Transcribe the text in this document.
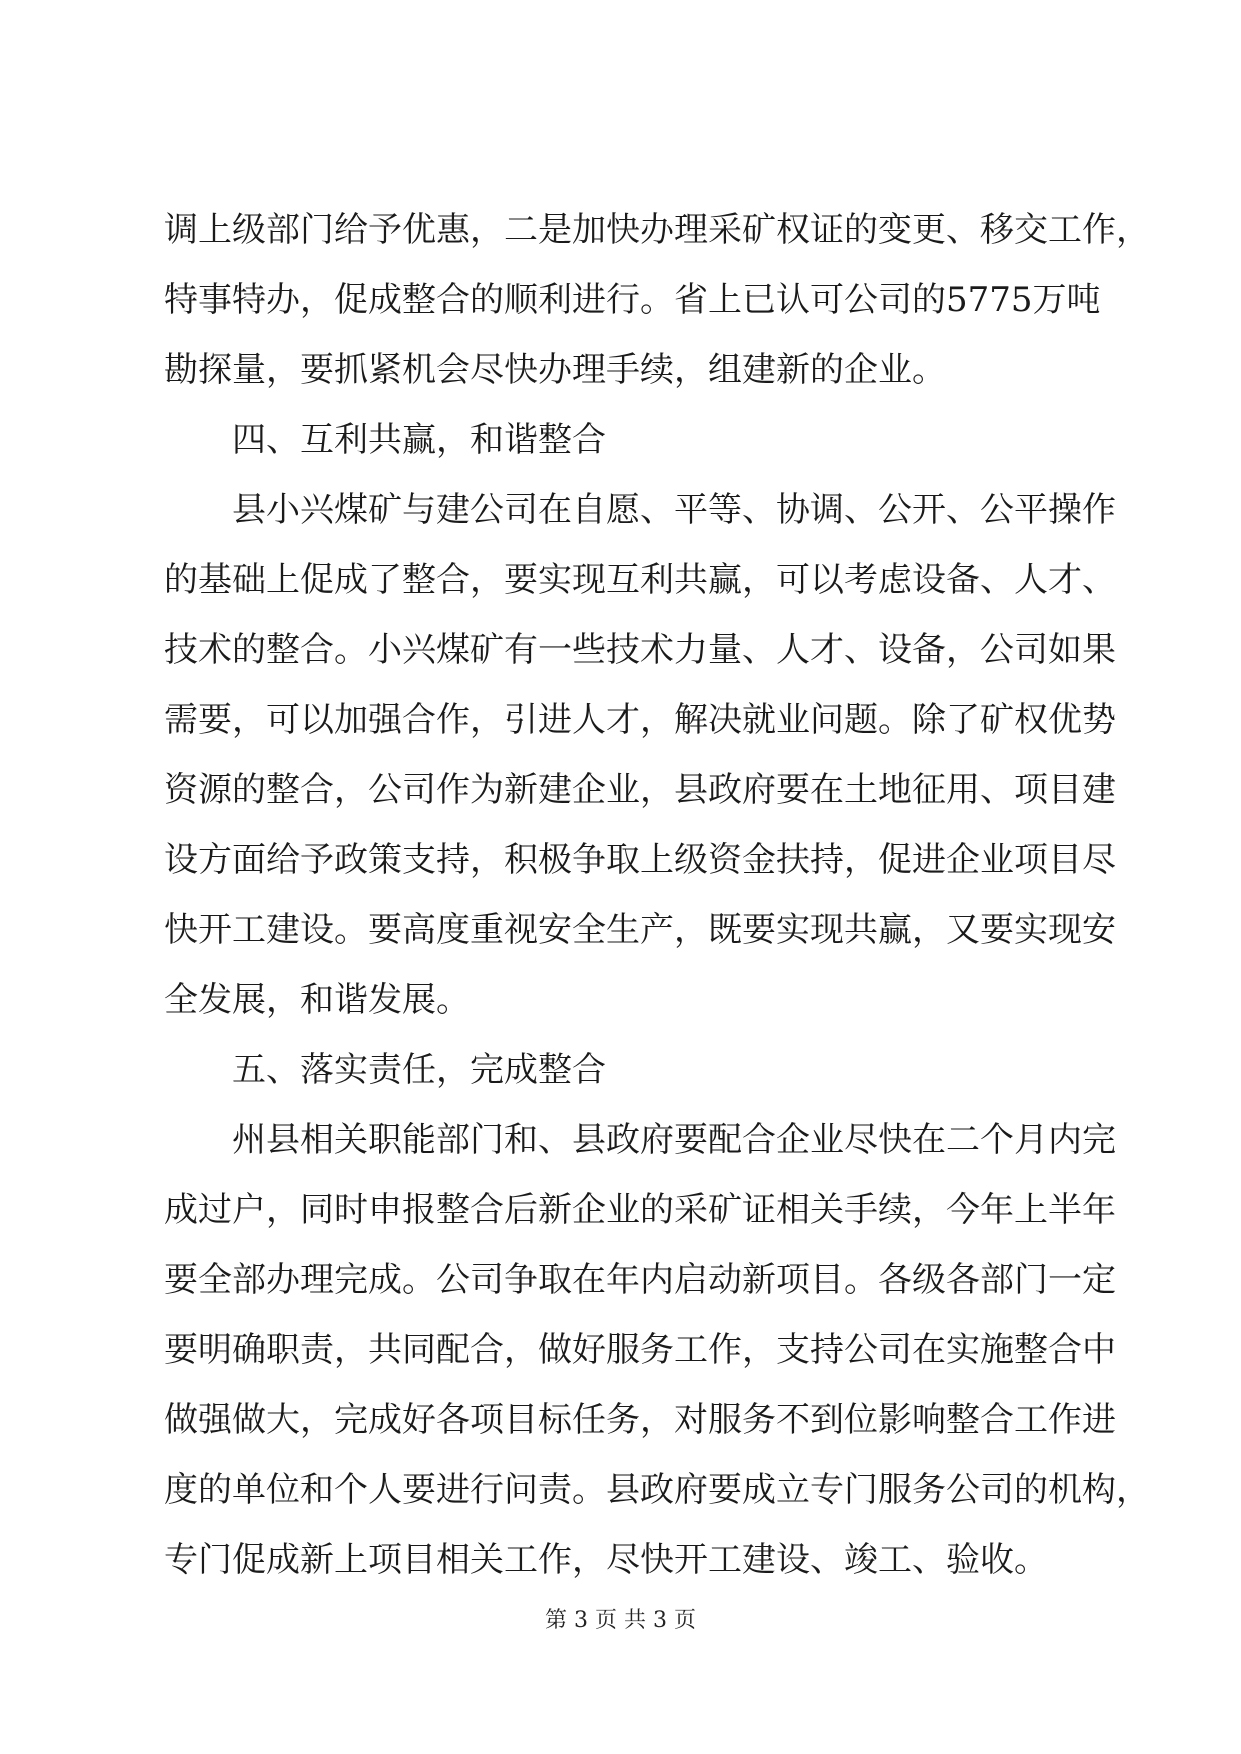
调上级部门给予优惠，二是加快办理采矿权证的变更、移交工作，
特事特办，促成整合的顺利进行。省上已认可公司的5775万吨
勘探量，要抓紧机会尽快办理手续，组建新的企业。
四、互利共赢，和谐整合
县小兴煤矿与建公司在自愿、平等、协调、公开、公平操作
的基础上促成了整合，要实现互利共赢，可以考虑设备、人才、
技术的整合。小兴煤矿有一些技术力量、人才、设备，公司如果
需要，可以加强合作，引进人才，解决就业问题。除了矿权优势
资源的整合，公司作为新建企业，县政府要在土地征用、项目建
设方面给予政策支持，积极争取上级资金扶持，促进企业项目尽
快开工建设。要高度重视安全生产，既要实现共赢，又要实现安
全发展，和谐发展。
五、落实责任，完成整合
州县相关职能部门和、县政府要配合企业尽快在二个月内完
成过户，同时申报整合后新企业的采矿证相关手续，今年上半年
要全部办理完成。公司争取在年内启动新项目。各级各部门一定
要明确职责，共同配合，做好服务工作，支持公司在实施整合中
做强做大，完成好各项目标任务，对服务不到位影响整合工作进
度的单位和个人要进行问责。县政府要成立专门服务公司的机构，
专门促成新上项目相关工作，尽快开工建设、竣工、验收。
第 3 页 共 3 页
